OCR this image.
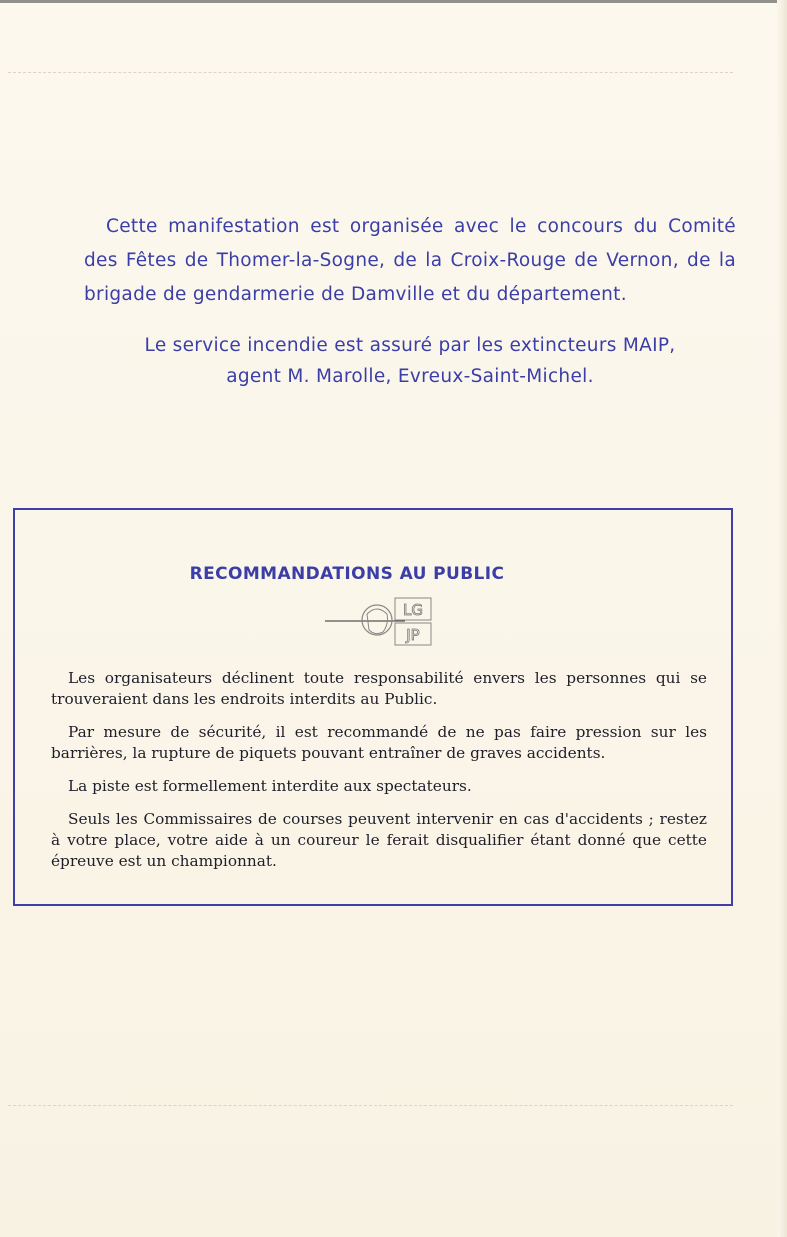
Cette manifestation est organisée avec le concours du Comité des Fêtes de Thomer-la-Sogne, de la Croix-Rouge de Vernon, de la brigade de gendarmerie de Damville et du département.

Le service incendie est assuré par les extincteurs MAIP,
agent M. Marolle, Evreux-Saint-Michel.

RECOMMANDATIONS AU PUBLIC
LG
JP

Les organisateurs déclinent toute responsabilité envers les personnes qui se trouveraient dans les endroits interdits au Public.

Par mesure de sécurité, il est recommandé de ne pas faire pression sur les barrières, la rupture de piquets pouvant entraîner de graves accidents.

La piste est formellement interdite aux spectateurs.

Seuls les Commissaires de courses peuvent intervenir en cas d'accidents ; restez à votre place, votre aide à un coureur le ferait disqualifier étant donné que cette épreuve est un championnat.
